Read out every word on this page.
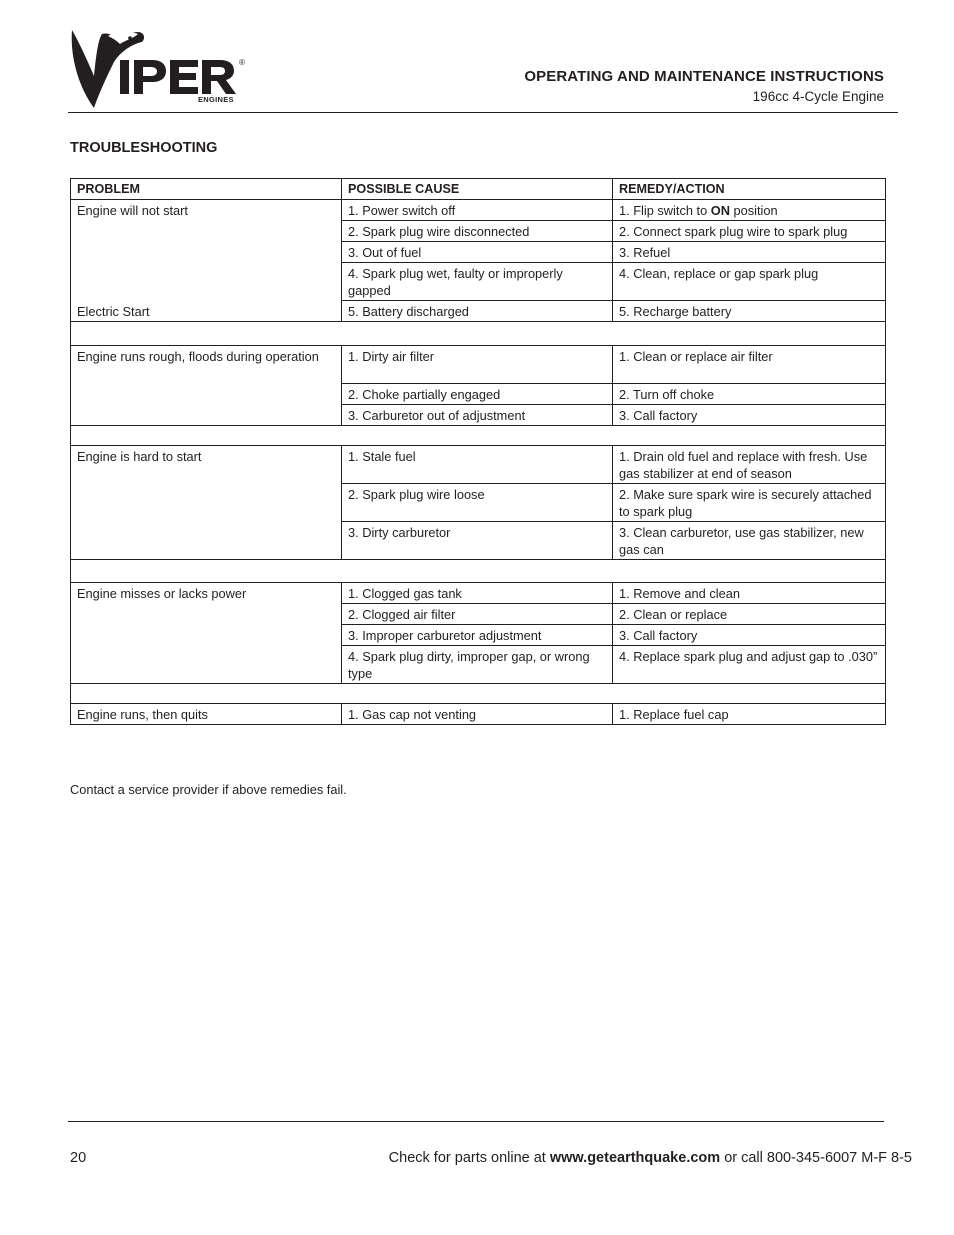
®
ENGINES
OPERATING AND MAINTENANCE INSTRUCTIONS
196cc 4-Cycle Engine
TROUBLESHOOTING
PROBLEM	POSSIBLE CAUSE	REMEDY/ACTION
Engine will not start	1. Power switch off	1. Flip switch to ON position
	2. Spark plug wire disconnected	2. Connect spark plug wire to spark plug
	3. Out of fuel	3. Refuel
	4. Spark plug wet, faulty or improperly gapped	4. Clean, replace or gap spark plug
Electric Start	5. Battery discharged	5. Recharge battery

Engine runs rough, floods during operation	1. Dirty air filter	1. Clean or replace air filter
	2. Choke partially engaged	2. Turn off choke
	3. Carburetor out of adjustment	3. Call factory

Engine is hard to start	1. Stale fuel	1. Drain old fuel and replace with fresh. Use gas stabilizer at end of season
	2. Spark plug wire loose	2. Make sure spark wire is securely attached to spark plug
	3. Dirty carburetor	3. Clean carburetor, use gas stabilizer, new gas can

Engine misses or lacks power	1. Clogged gas tank	1. Remove and clean
	2. Clogged air filter	2. Clean or replace
	3. Improper carburetor adjustment	3. Call factory
	4. Spark plug dirty, improper gap, or wrong type	4. Replace spark plug and adjust gap to .030”

Engine runs, then quits	1. Gas cap not venting	1. Replace fuel cap
Contact a service provider if above remedies fail.
20	Check for parts online at www.getearthquake.com or call 800-345-6007 M-F 8-5
